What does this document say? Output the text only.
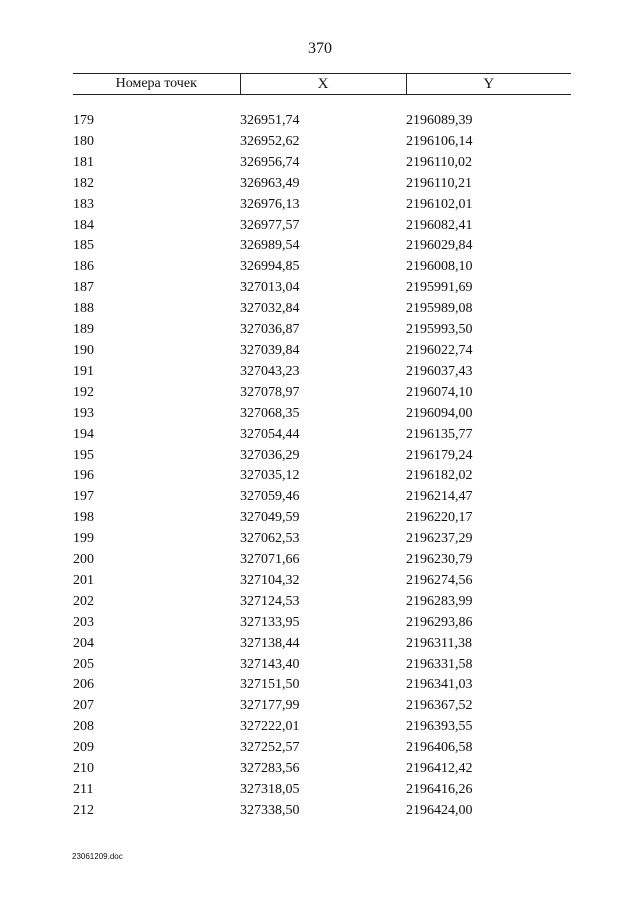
370
Номера точек	X	Y

179	326951,74	2196089,39
180	326952,62	2196106,14
181	326956,74	2196110,02
182	326963,49	2196110,21
183	326976,13	2196102,01
184	326977,57	2196082,41
185	326989,54	2196029,84
186	326994,85	2196008,10
187	327013,04	2195991,69
188	327032,84	2195989,08
189	327036,87	2195993,50
190	327039,84	2196022,74
191	327043,23	2196037,43
192	327078,97	2196074,10
193	327068,35	2196094,00
194	327054,44	2196135,77
195	327036,29	2196179,24
196	327035,12	2196182,02
197	327059,46	2196214,47
198	327049,59	2196220,17
199	327062,53	2196237,29
200	327071,66	2196230,79
201	327104,32	2196274,56
202	327124,53	2196283,99
203	327133,95	2196293,86
204	327138,44	2196311,38
205	327143,40	2196331,58
206	327151,50	2196341,03
207	327177,99	2196367,52
208	327222,01	2196393,55
209	327252,57	2196406,58
210	327283,56	2196412,42
211	327318,05	2196416,26
212	327338,50	2196424,00
23061209.doc
